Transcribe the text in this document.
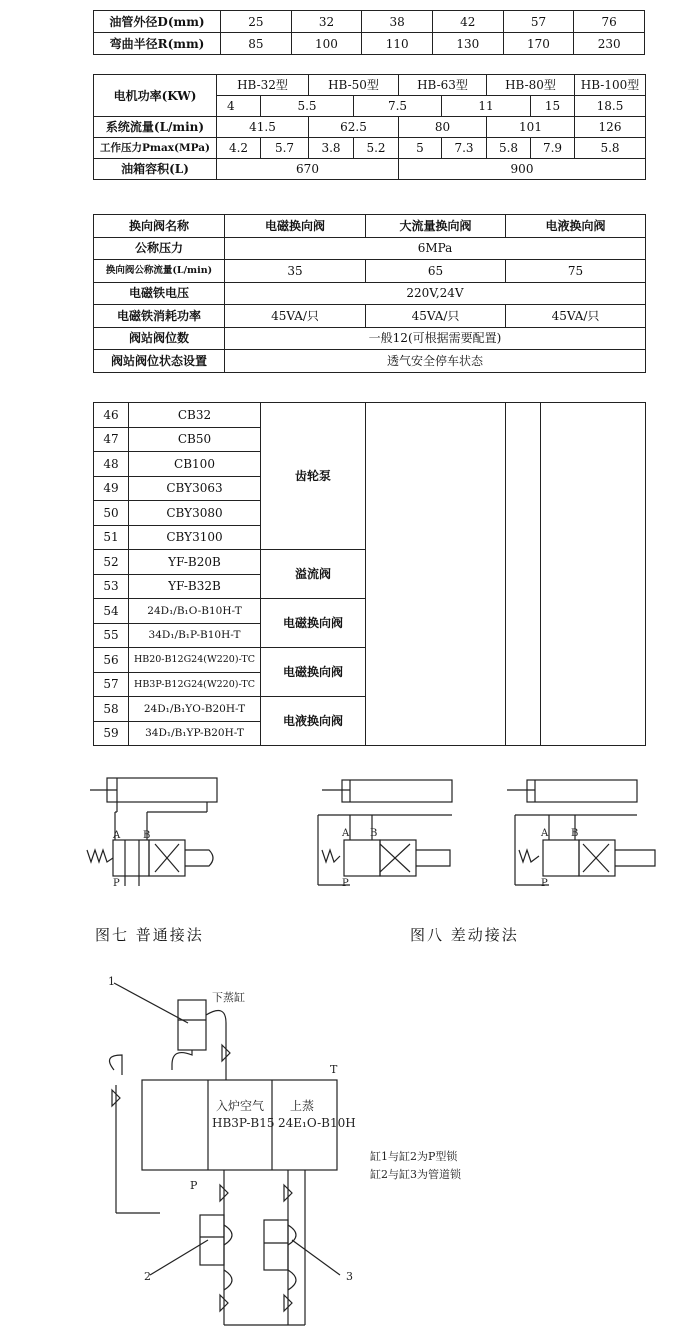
油管外径D(mm)	25	32	38	42	57	76
弯曲半径R(mm)	85	100	110	130	170	230
电机功率(KW)	HB-32型		HB-50型		HB-63型		HB-80型		HB-100型
	4	5.5		7.5		11		15	18.5
系统流量(L/min)	41.5		62.5		80		101		126
工作压力Pmax(MPa)	4.2	5.7	3.8	5.2	5	7.3	5.8	7.9	5.8
油箱容积(L)	670				900				
换向阀名称	电磁换向阀	大流量换向阀	电液换向阀
公称压力	6MPa		
换向阀公称流量(L/min)	35	65	75
电磁铁电压	220V,24V		
电磁铁消耗功率	45VA/只	45VA/只	45VA/只
阀站阀位数	一般12(可根据需要配置)		
阀站阀位状态设置	透气安全停车状态		
46	CB32	齿轮泵			
47	CB50				
48	CB100				
49	CBY3063				
50	CBY3080				
51	CBY3100				
52	YF-B20B	溢流阀			
53	YF-B32B				
54	24D₁/B₁O-B10H-T	电磁换向阀			
55	34D₁/B₁P-B10H-T				
56	HB20-B12G24(W220)-TC	电磁换向阀			
57	HB3P-B12G24(W220)-TC				
58	24D₁/B₁YO-B20H-T	电液换向阀			
59	34D₁/B₁YP-B20H-T				
A B
P
A B
P
A B
P
图七 普通接法	图八 差动接法
1
下蒸缸
T
入炉空气
HB3P-B15
上蒸
24E₁O-B10H
P
缸1与缸2为P型锁
缸2与缸3为管道锁
2	3
